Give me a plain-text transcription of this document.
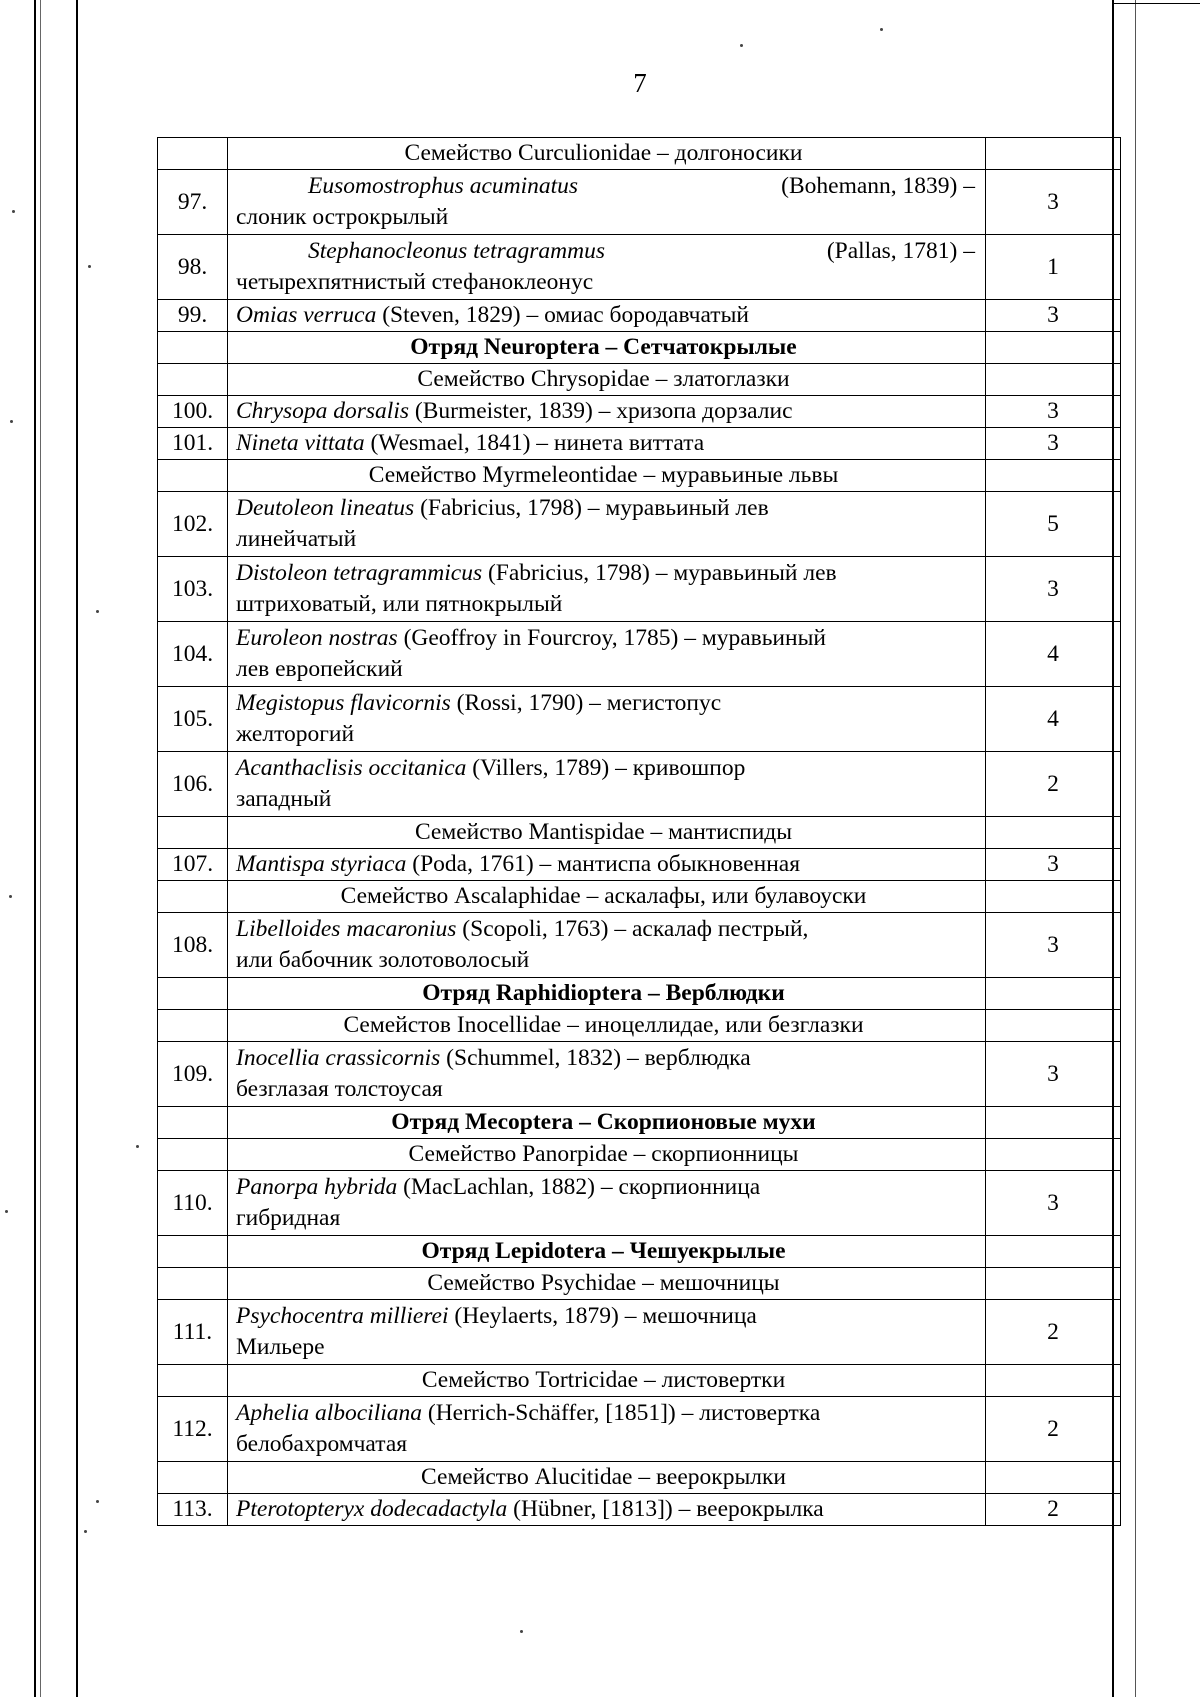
7
	Семейство Curculionidae – долгоносики	
97.	Eusomostrophus acuminatus (Bohemann, 1839) –
слоник острокрылый	3
98.	Stephanocleonus tetragrammus (Pallas, 1781) –
четырехпятнистый стефаноклеонус	1
99.	Omias verruca (Steven, 1829) – омиас бородавчатый	3
	Отряд Neuroptera – Сетчатокрылые	
	Семейство Chrysopidae – златоглазки	
100.	Chrysopa dorsalis (Burmeister, 1839) – хризопа дорзалис	3
101.	Nineta vittata (Wesmael, 1841) – нинета виттата	3
	Семейство Myrmeleontidae – муравьиные львы	
102.	Deutoleon lineatus (Fabricius, 1798) – муравьиный лев
линейчатый	5
103.	Distoleon tetragrammicus (Fabricius, 1798) – муравьиный лев
штриховатый, или пятнокрылый	3
104.	Euroleon nostras (Geoffroy in Fourcroy, 1785) – муравьиный
лев европейский	4
105.	Megistopus flavicornis (Rossi, 1790) – мегистопус
желторогий	4
106.	Acanthaclisis occitanica (Villers, 1789) – кривошпор
западный	2
	Семейство Mantispidae – мантиспиды	
107.	Mantispa styriaca (Poda, 1761) – мантиспа обыкновенная	3
	Семейство Ascalaphidae – аскалафы, или булавоуски	
108.	Libelloides macaronius (Scopoli, 1763) – аскалаф пестрый,
или бабочник золотоволосый	3
	Отряд Raphidioptera – Верблюдки	
	Семейстов Inocellidae – иноцеллидае, или безглазки	
109.	Inocellia crassicornis (Schummel, 1832) – верблюдка
безглазая толстоусая	3
	Отряд Mecoptera – Скорпионовые мухи	
	Семейство Panorpidae – скорпионницы	
110.	Panorpa hybrida (MacLachlan, 1882) – скорпионница
гибридная	3
	Отряд Lepidotera – Чешуекрылые	
	Семейство Psychidae – мешочницы	
111.	Psychocentra millierei (Heylaerts, 1879) – мешочница
Мильере	2
	Семейство Tortricidae – листовертки	
112.	Aphelia albociliana (Herrich-Schäffer, [1851]) – листовертка
белобахромчатая	2
	Семейство Alucitidae – веерокрылки	
113.	Pterotopteryx dodecadactyla (Hübner, [1813]) – веерокрылка	2
